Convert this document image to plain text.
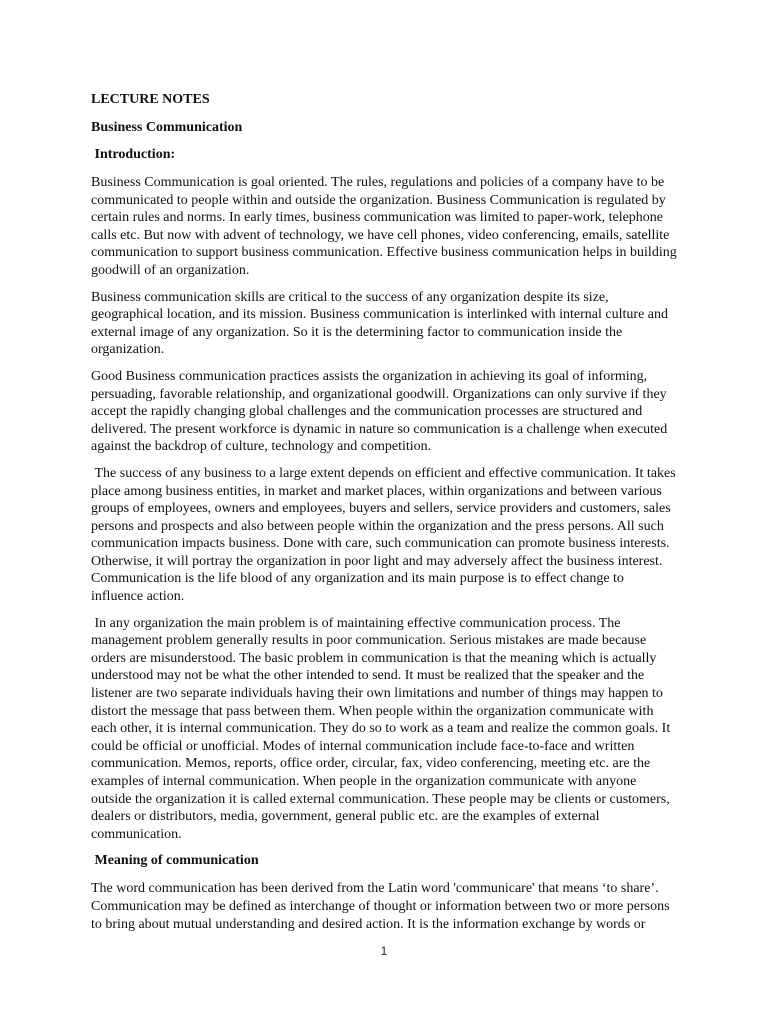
LECTURE NOTES
Business Communication
Introduction:

Business Communication is goal oriented. The rules, regulations and policies of a company have to be communicated to people within and outside the organization. Business Communication is regulated by certain rules and norms. In early times, business communication was limited to paper-work, telephone calls etc. But now with advent of technology, we have cell phones, video conferencing, emails, satellite communication to support business communication. Effective business communication helps in building goodwill of an organization.

Business communication skills are critical to the success of any organization despite its size, geographical location, and its mission. Business communication is interlinked with internal culture and external image of any organization. So it is the determining factor to communication inside the organization.

Good Business communication practices assists the organization in achieving its goal of informing, persuading, favorable relationship, and organizational goodwill. Organizations can only survive if they accept the rapidly changing global challenges and the communication processes are structured and delivered. The present workforce is dynamic in nature so communication is a challenge when executed against the backdrop of culture, technology and competition.

The success of any business to a large extent depends on efficient and effective communication. It takes place among business entities, in market and market places, within organizations and between various groups of employees, owners and employees, buyers and sellers, service providers and customers, sales persons and prospects and also between people within the organization and the press persons. All such communication impacts business. Done with care, such communication can promote business interests. Otherwise, it will portray the organization in poor light and may adversely affect the business interest. Communication is the life blood of any organization and its main purpose is to effect change to influence action.

In any organization the main problem is of maintaining effective communication process. The management problem generally results in poor communication. Serious mistakes are made because orders are misunderstood. The basic problem in communication is that the meaning which is actually understood may not be what the other intended to send. It must be realized that the speaker and the listener are two separate individuals having their own limitations and number of things may happen to distort the message that pass between them. When people within the organization communicate with each other, it is internal communication. They do so to work as a team and realize the common goals. It could be official or unofficial. Modes of internal communication include face-to-face and written communication. Memos, reports, office order, circular, fax, video conferencing, meeting etc. are the examples of internal communication. When people in the organization communicate with anyone outside the organization it is called external communication. These people may be clients or customers, dealers or distributors, media, government, general public etc. are the examples of external communication.

Meaning of communication

The word communication has been derived from the Latin word 'communicare' that means ‘to share’. Communication may be defined as interchange of thought or information between two or more persons to bring about mutual understanding and desired action. It is the information exchange by words or

1
